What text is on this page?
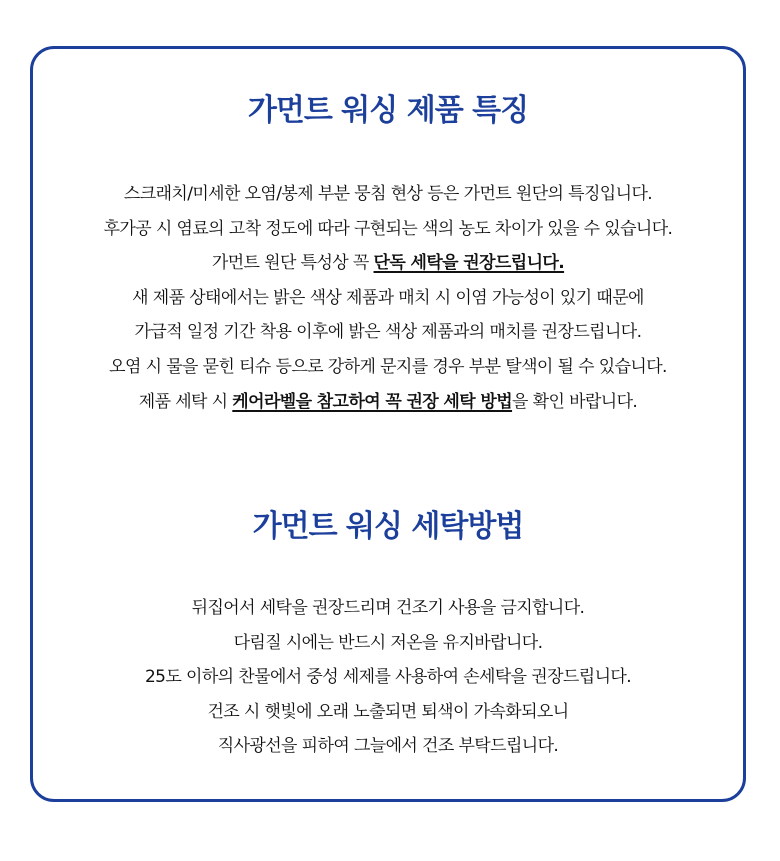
가먼트 워싱 제품 특징
스크래치/미세한 오염/봉제 부분 뭉침 현상 등은 가먼트 원단의 특징입니다.
후가공 시 염료의 고착 정도에 따라 구현되는 색의 농도 차이가 있을 수 있습니다.
가먼트 원단 특성상 꼭 단독 세탁을 권장드립니다.
새 제품 상태에서는 밝은 색상 제품과 매치 시 이염 가능성이 있기 때문에
가급적 일정 기간 착용 이후에 밝은 색상 제품과의 매치를 권장드립니다.
오염 시 물을 묻힌 티슈 등으로 강하게 문지를 경우 부분 탈색이 될 수 있습니다.
제품 세탁 시 케어라벨을 참고하여 꼭 권장 세탁 방법을 확인 바랍니다.
가먼트 워싱 세탁방법
뒤집어서 세탁을 권장드리며 건조기 사용을 금지합니다.
다림질 시에는 반드시 저온을 유지바랍니다.
25도 이하의 찬물에서 중성 세제를 사용하여 손세탁을 권장드립니다.
건조 시 햇빛에 오래 노출되면 퇴색이 가속화되오니
직사광선을 피하여 그늘에서 건조 부탁드립니다.
